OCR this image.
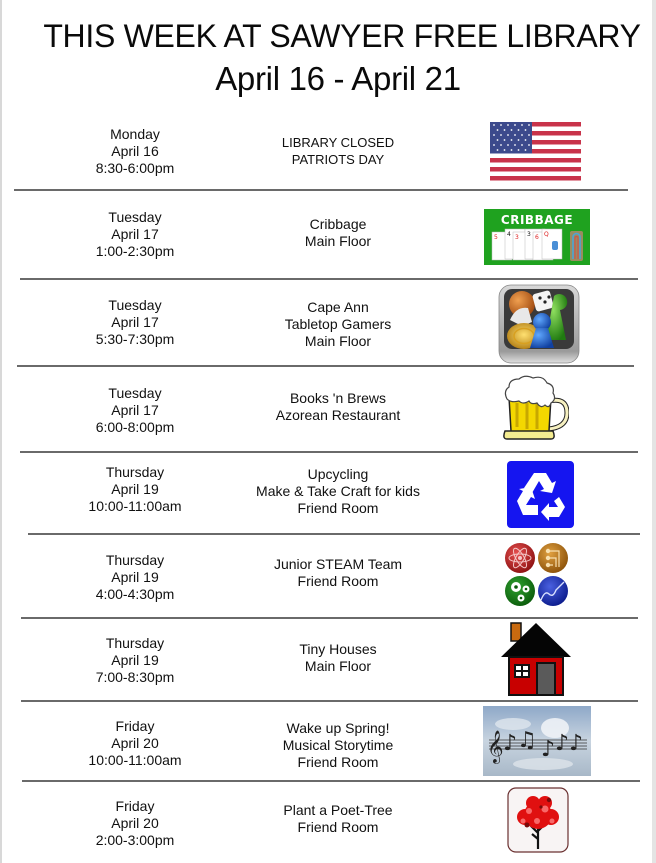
THIS WEEK AT SAWYER FREE LIBRARY
April 16 - April 21
Monday
April 16
8:30-6:00pm
LIBRARY CLOSED
PATRIOTS DAY
Tuesday
April 17
1:00-2:30pm
Cribbage
Main Floor
CRIBBAGE
5	3	6 Q
4	3
Tuesday
April 17
5:30-7:30pm
Cape Ann
Tabletop Gamers
Main Floor
Tuesday
April 17
6:00-8:00pm
Books 'n Brews
Azorean Restaurant
Thursday
April 19
10:00-11:00am
Upcycling
Make & Take Craft for kids
Friend Room
Thursday
April 19
4:00-4:30pm
Junior STEAM Team
Friend Room
Thursday
April 19
7:00-8:30pm
Tiny Houses
Main Floor
Friday
April 20
10:00-11:00am
Wake up Spring!
Musical Storytime
Friend Room	𝄞 ♪ ♫ ♪ ♪ ♪
Friday
April 20
2:00-3:00pm
Plant a Poet-Tree
Friend Room
